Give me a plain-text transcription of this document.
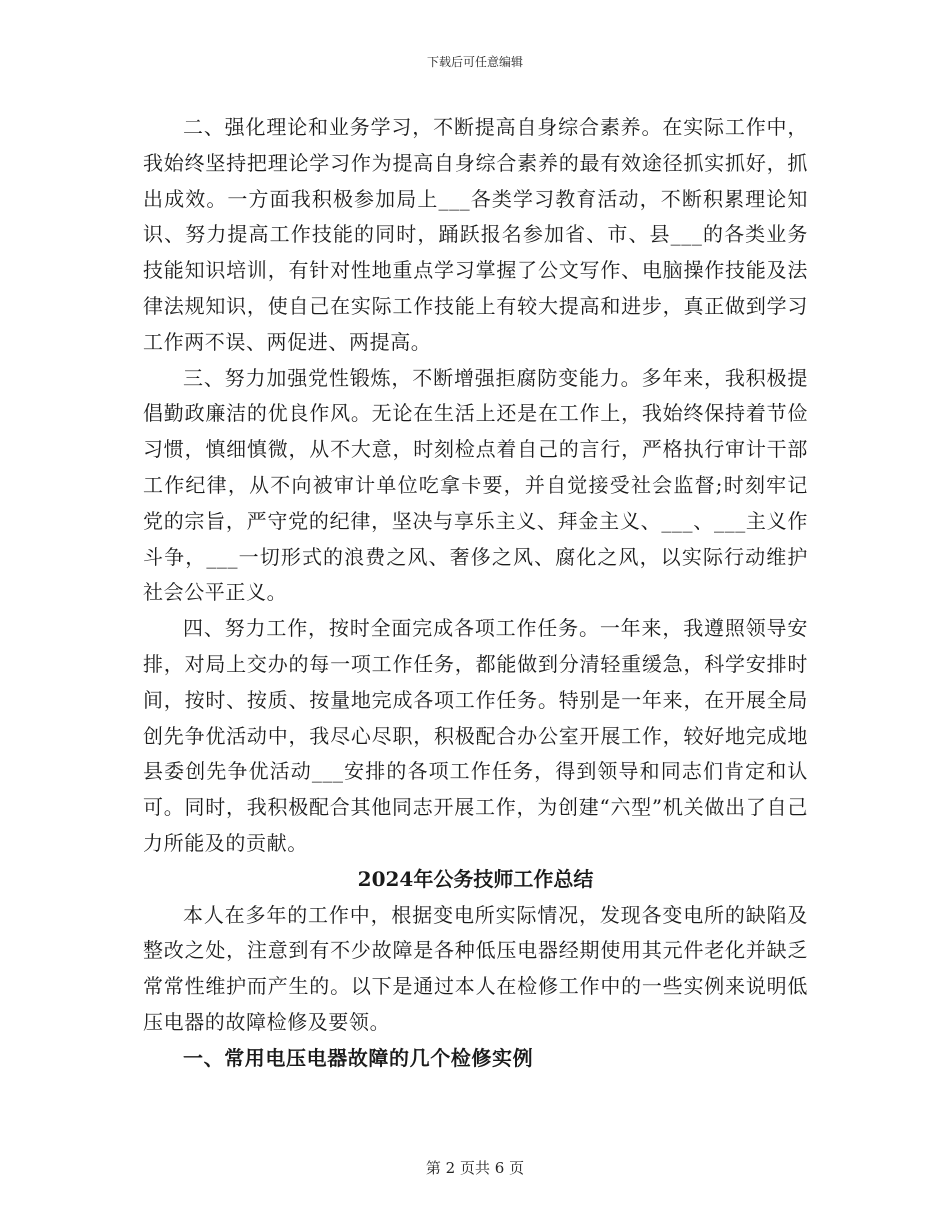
下载后可任意编辑

二、强化理论和业务学习，不断提高自身综合素养。在实际工作中，我始终坚持把理论学习作为提高自身综合素养的最有效途径抓实抓好，抓出成效。一方面我积极参加局上___各类学习教育活动，不断积累理论知识、努力提高工作技能的同时，踊跃报名参加省、市、县___的各类业务技能知识培训，有针对性地重点学习掌握了公文写作、电脑操作技能及法律法规知识，使自己在实际工作技能上有较大提高和进步，真正做到学习工作两不误、两促进、两提高。

三、努力加强党性锻炼，不断增强拒腐防变能力。多年来，我积极提倡勤政廉洁的优良作风。无论在生活上还是在工作上，我始终保持着节俭习惯，慎细慎微，从不大意，时刻检点着自己的言行，严格执行审计干部工作纪律，从不向被审计单位吃拿卡要，并自觉接受社会监督;时刻牢记党的宗旨，严守党的纪律，坚决与享乐主义、拜金主义、___、___主义作斗争，___一切形式的浪费之风、奢侈之风、腐化之风，以实际行动维护社会公平正义。

四、努力工作，按时全面完成各项工作任务。一年来，我遵照领导安排，对局上交办的每一项工作任务，都能做到分清轻重缓急，科学安排时间，按时、按质、按量地完成各项工作任务。特别是一年来，在开展全局创先争优活动中，我尽心尽职，积极配合办公室开展工作，较好地完成地县委创先争优活动___安排的各项工作任务，得到领导和同志们肯定和认可。同时，我积极配合其他同志开展工作，为创建“六型”机关做出了自己力所能及的贡献。

2024年公务技师工作总结

本人在多年的工作中，根据变电所实际情况，发现各变电所的缺陷及整改之处，注意到有不少故障是各种低压电器经期使用其元件老化并缺乏常常性维护而产生的。以下是通过本人在检修工作中的一些实例来说明低压电器的故障检修及要领。

一、常用电压电器故障的几个检修实例

第 2 页共 6 页
